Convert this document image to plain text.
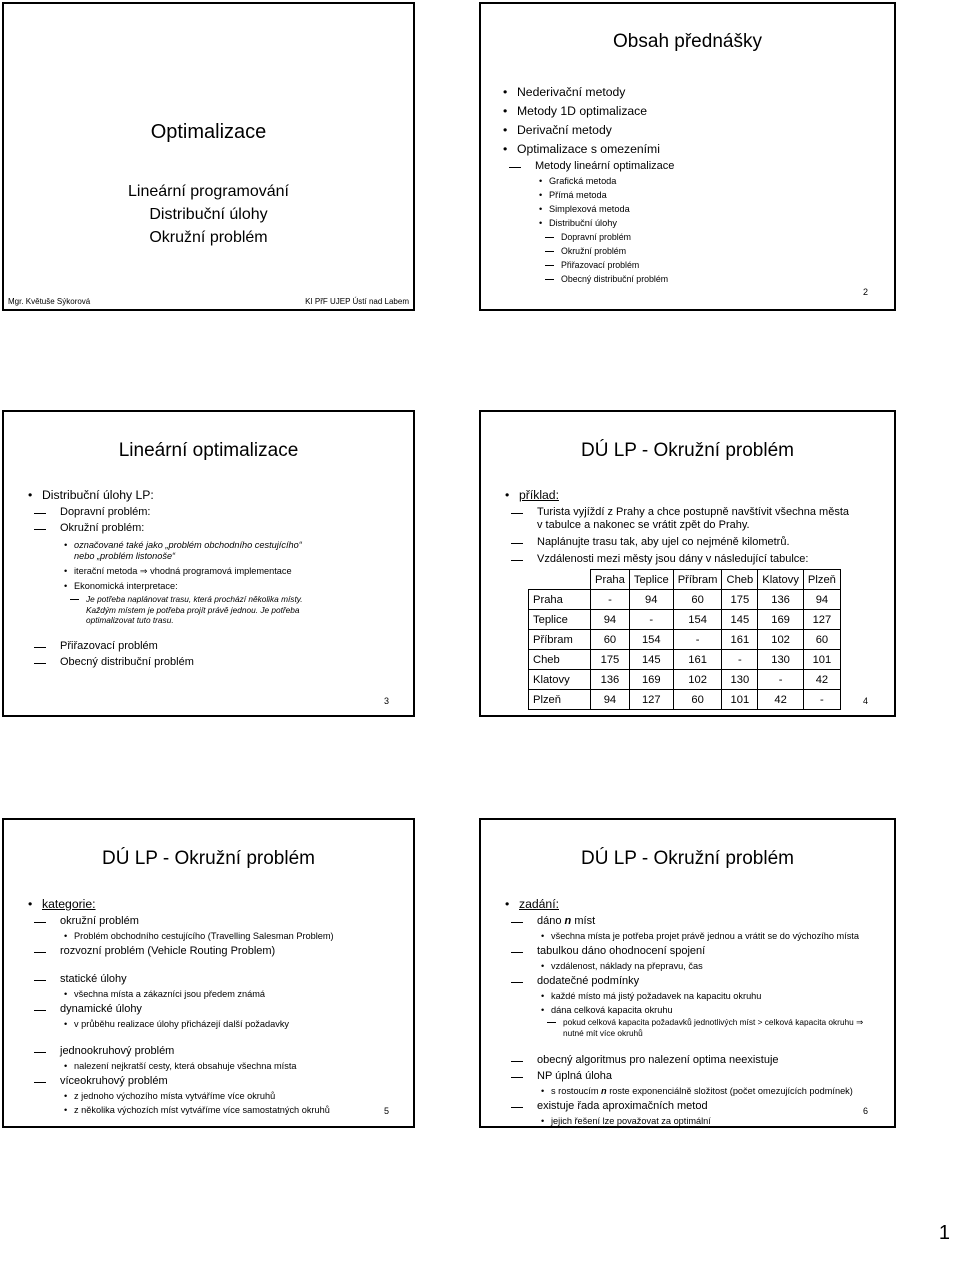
Optimalizace
Lineární programování
Distribuční úlohy
Okružní problém
Mgr. Květuše Sýkorová	KI PřF UJEP Ústí nad Labem
Obsah přednášky
• Nederivační metody
• Metody 1D optimalizace
• Derivační metody
• Optimalizace s omezeními
Metody lineární optimalizace
• Grafická metoda
• Přímá metoda
• Simplexová metoda
• Distribuční úlohy
Dopravní problém
Okružní problém
Přiřazovací problém
Obecný distribuční problém
2
Lineární optimalizace
• Distribuční úlohy LP:
Dopravní problém:
Okružní problém:
• označované také jako „problém obchodního cestujícího“ nebo „problém listonoše“
• iterační metoda ⇒ vhodná programová implementace
• Ekonomická interpretace:
Je potřeba naplánovat trasu, která prochází několika místy. Každým místem je potřeba projít právě jednou. Je potřeba optimalizovat tuto trasu.
Přiřazovací problém
Obecný distribuční problém
3
DÚ LP - Okružní problém
• příklad:
Turista vyjíždí z Prahy a chce postupně navštívit všechna města v tabulce a nakonec se vrátit zpět do Prahy.
Naplánujte trasu tak, aby ujel co nejméně kilometrů.
Vzdálenosti mezi městy jsou dány v následující tabulce:
	Praha	Teplice	Příbram	Cheb	Klatovy	Plzeň
Praha	-	94	60	175	136	94
Teplice	94	-	154	145	169	127
Příbram	60	154	-	161	102	60
Cheb	175	145	161	-	130	101
Klatovy	136	169	102	130	-	42
Plzeň	94	127	60	101	42	-	4
DÚ LP - Okružní problém
• kategorie:
okružní problém
• Problém obchodního cestujícího (Travelling Salesman Problem)
rozvozní problém (Vehicle Routing Problem)
statické úlohy
• všechna místa a zákazníci jsou předem známá
dynamické úlohy
• v průběhu realizace úlohy přicházejí další požadavky
jednookruhový problém
• nalezení nejkratší cesty, která obsahuje všechna místa
víceokruhový problém
• z jednoho výchozího místa vytváříme více okruhů
• z několika výchozích míst vytváříme více samostatných okruhů	5
DÚ LP - Okružní problém
• zadání:
dáno n míst
• všechna místa je potřeba projet právě jednou a vrátit se do výchozího místa
tabulkou dáno ohodnocení spojení
• vzdálenost, náklady na přepravu, čas
dodatečné podmínky
• každé místo má jistý požadavek na kapacitu okruhu
• dána celková kapacita okruhu
pokud celková kapacita požadavků jednotlivých míst > celková kapacita okruhu ⇒ nutné mít více okruhů
obecný algoritmus pro nalezení optima neexistuje
NP úplná úloha
• s rostoucím n roste exponenciálně složitost (počet omezujících podmínek)
existuje řada aproximačních metod
• jejich řešení lze považovat za optimální
6
1
